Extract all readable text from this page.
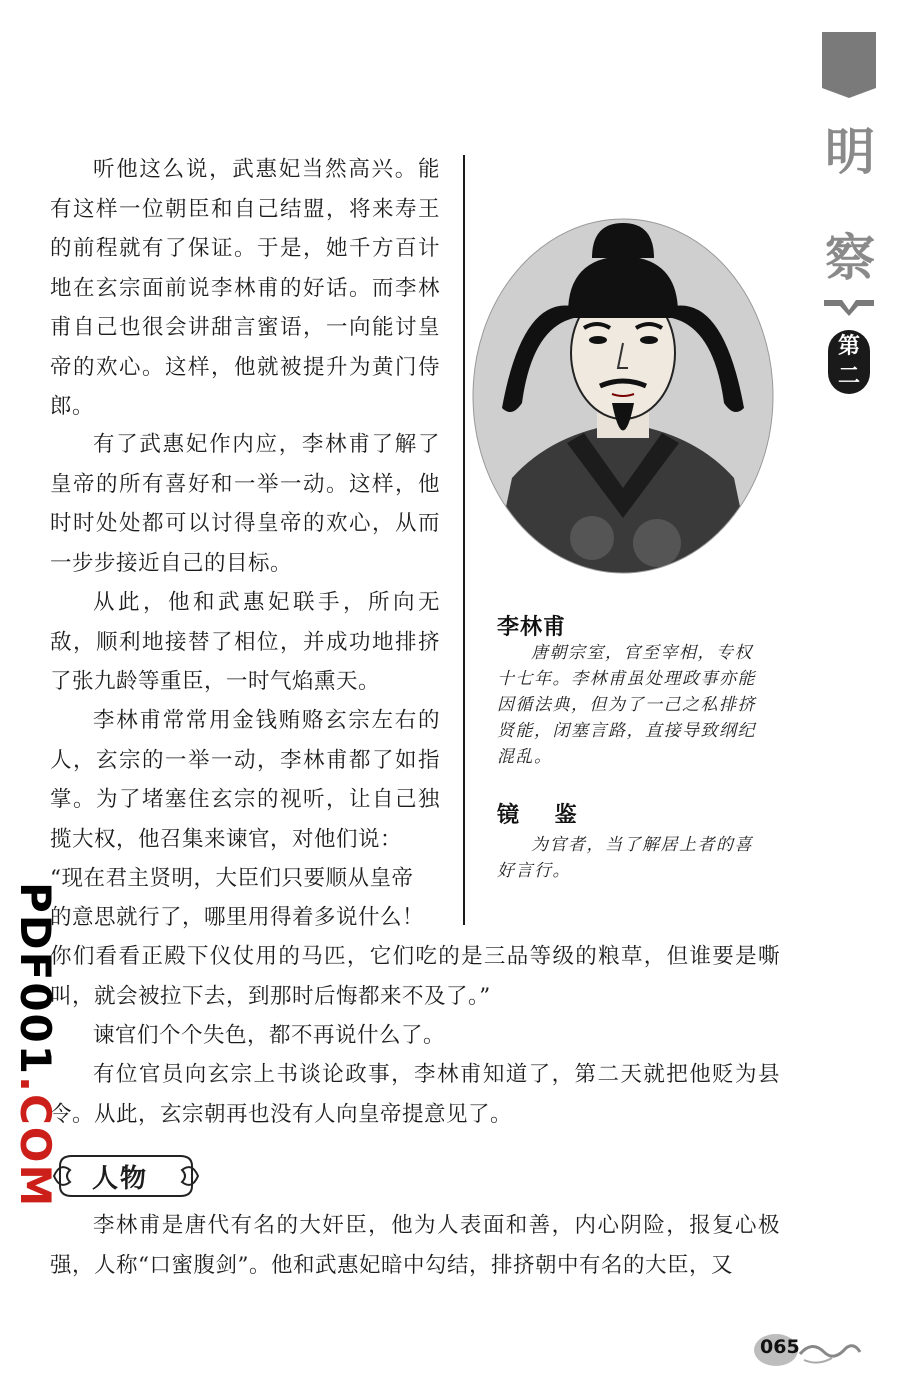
明
察
第
二

听他这么说，武惠妃当然高兴。能有这样一位朝臣和自己结盟，将来寿王的前程就有了保证。于是，她千方百计地在玄宗面前说李林甫的好话。而李林甫自己也很会讲甜言蜜语，一向能讨皇帝的欢心。这样，他就被提升为黄门侍郎。

有了武惠妃作内应，李林甫了解了皇帝的所有喜好和一举一动。这样，他时时处处都可以讨得皇帝的欢心，从而一步步接近自己的目标。

从此，他和武惠妃联手，所向无敌，顺利地接替了相位，并成功地排挤了张九龄等重臣，一时气焰熏天。

李林甫常常用金钱贿赂玄宗左右的人，玄宗的一举一动，李林甫都了如指掌。为了堵塞住玄宗的视听，让自己独揽大权，他召集来谏官，对他们说：

“现在君主贤明，大臣们只要顺从皇帝

的意思就行了，哪里用得着多说什么！

你们看看正殿下仪仗用的马匹，它们吃的是三品等级的粮草，但谁要是嘶叫，就会被拉下去，到那时后悔都来不及了。”

谏官们个个失色，都不再说什么了。

有位官员向玄宗上书谈论政事，李林甫知道了，第二天就把他贬为县令。从此，玄宗朝再也没有人向皇帝提意见了。

李林甫

唐朝宗室，官至宰相，专权十七年。李林甫虽处理政事亦能因循法典，但为了一己之私排挤贤能，闭塞言路，直接导致纲纪混乱。

镜 鉴

为官者，当了解居上者的喜好言行。

PDF001.COM 人物

李林甫是唐代有名的大奸臣，他为人表面和善，内心阴险，报复心极强，人称“口蜜腹剑”。他和武惠妃暗中勾结，排挤朝中有名的大臣，又

065
